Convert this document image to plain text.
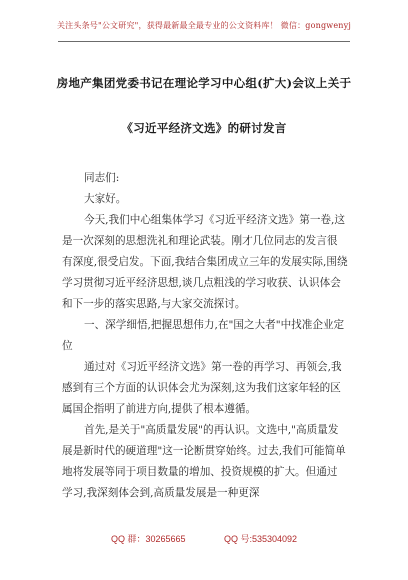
关注头条号"公文研究"，获得最新最全最专业的公文资料库！ 微信：gongwenyj
房地产集团党委书记在理论学习中心组(扩大)会议上关于
《习近平经济文选》的研讨发言

同志们:

大家好。

今天,我们中心组集体学习《习近平经济文选》第一卷,这是一次深刻的思想洗礼和理论武装。刚才几位同志的发言很有深度,很受启发。下面,我结合集团成立三年的发展实际,围绕学习贯彻习近平经济思想,谈几点粗浅的学习收获、认识体会和下一步的落实思路,与大家交流探讨。

一、深学细悟,把握思想伟力,在"国之大者"中找准企业定位

通过对《习近平经济文选》第一卷的再学习、再领会,我感到有三个方面的认识体会尤为深刻,这为我们这家年轻的区属国企指明了前进方向,提供了根本遵循。

首先,是关于"高质量发展"的再认识。文选中,"高质量发展是新时代的硬道理"这一论断贯穿始终。过去,我们可能简单地将发展等同于项目数量的增加、投资规模的扩大。但通过学习,我深刻体会到,高质量发展是一种更深

QQ 群：30265665	QQ 号:535304092
